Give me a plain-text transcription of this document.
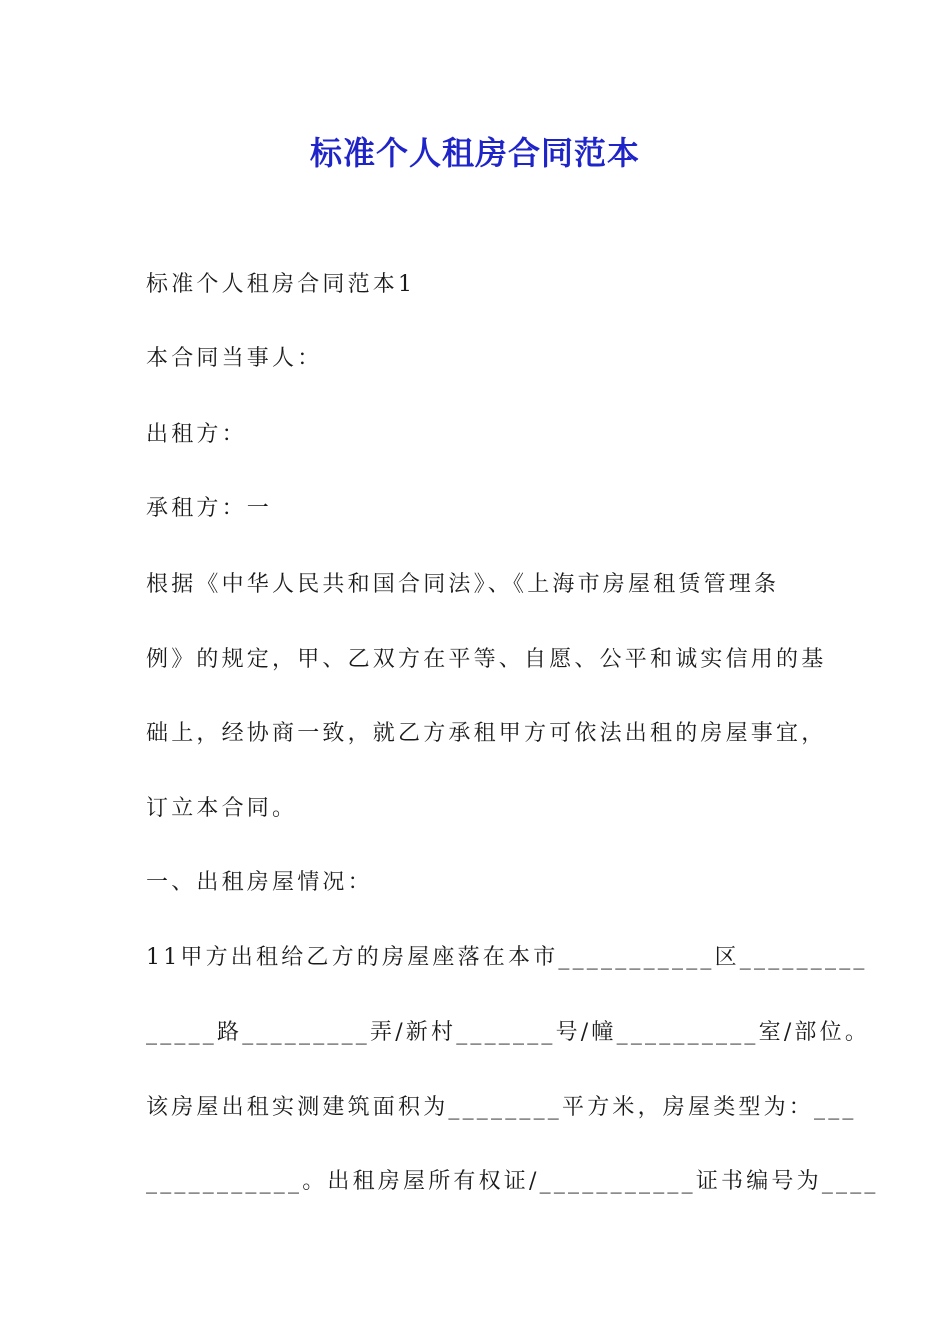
标准个人租房合同范本

标准个人租房合同范本1

本合同当事人：

出租方：

承租方：一

根据《中华人民共和国合同法》、《上海市房屋租赁管理条

例》的规定，甲、乙双方在平等、自愿、公平和诚实信用的基

础上，经协商一致，就乙方承租甲方可依法出租的房屋事宜，

订立本合同。

一、出租房屋情况：

11甲方出租给乙方的房屋座落在本市___________区_________

_____路_________弄/新村_______号/幢__________室/部位。

该房屋出租实测建筑面积为________平方米，房屋类型为：___

___________。出租房屋所有权证/___________证书编号为____
